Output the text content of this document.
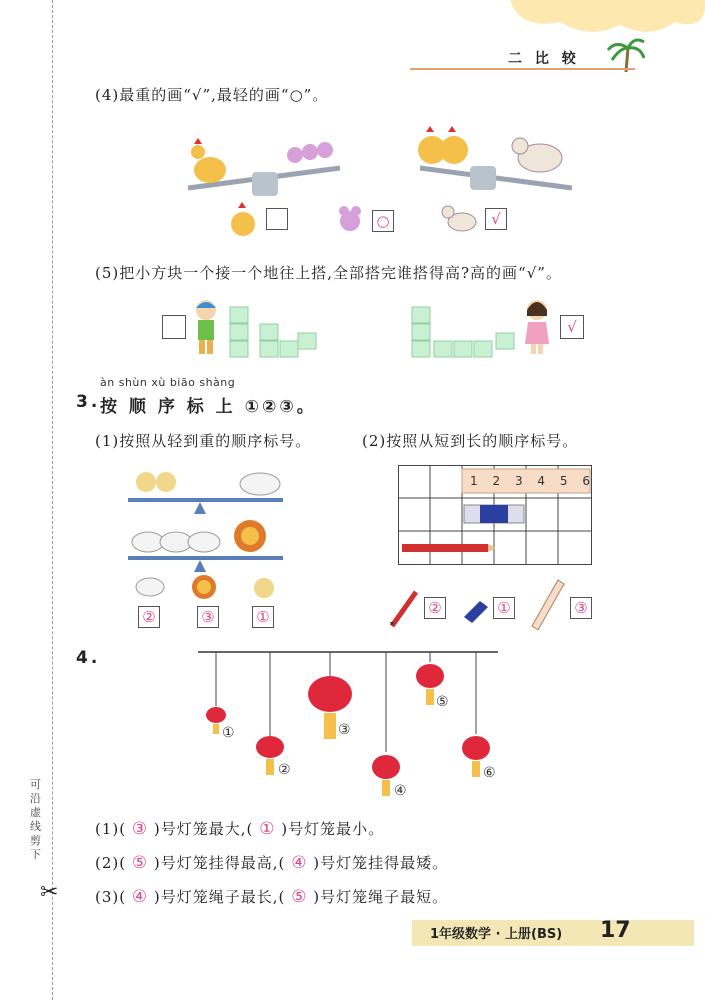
二 比 较
可沿虚线剪下
✂
(4)最重的画“√”,最轻的画“○”。
○	√
(5)把小方块一个接一个地往上搭,全部搭完谁搭得高?高的画“√”。
√
àn shùn xù biāo shàng
3. 按 顺 序 标 上 ①②③。
(1)按照从轻到重的顺序标号。	(2)按照从短到长的顺序标号。
②	③	①
1 2 3 4 5 6
②	①	③
4.
①
②
③
④
⑤
⑥
(1)( ③ )号灯笼最大,( ① )号灯笼最小。
(2)( ⑤ )号灯笼挂得最高,( ④ )号灯笼挂得最矮。
(3)( ④ )号灯笼绳子最长,( ⑤ )号灯笼绳子最短。
1年级数学 · 上册(BS) 17
